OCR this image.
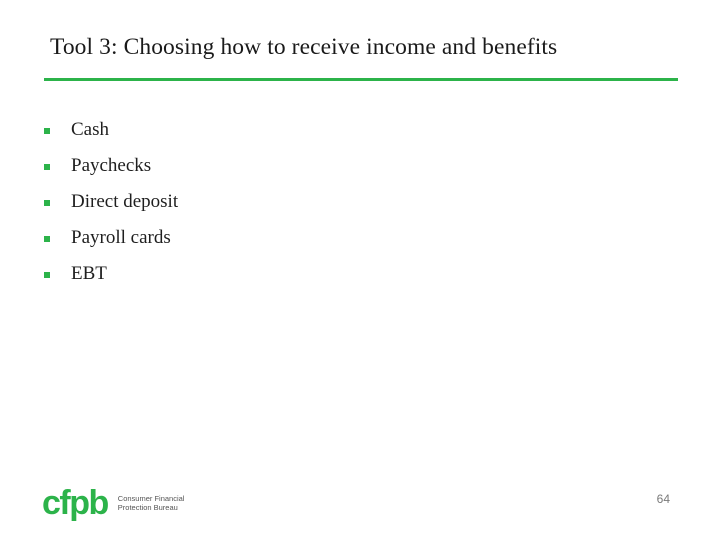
Tool 3: Choosing how to receive income and benefits
Cash
Paychecks
Direct deposit
Payroll cards
EBT
cfpb Consumer Financial
Protection Bureau
64
